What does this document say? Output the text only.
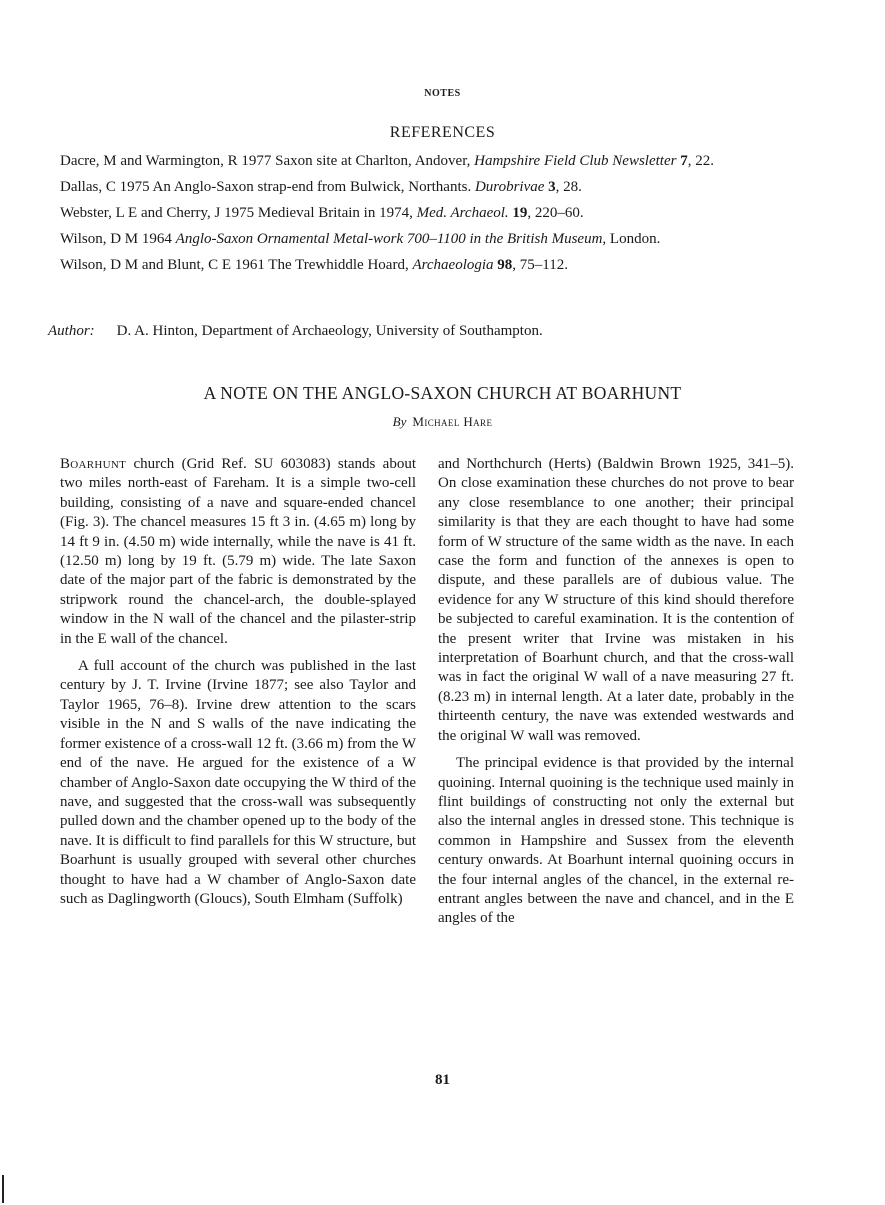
NOTES
REFERENCES
Dacre, M and Warmington, R 1977 Saxon site at Charlton, Andover, Hampshire Field Club Newsletter 7, 22.
Dallas, C 1975 An Anglo-Saxon strap-end from Bulwick, Northants. Durobrivae 3, 28.
Webster, L E and Cherry, J 1975 Medieval Britain in 1974, Med. Archaeol. 19, 220–60.
Wilson, D M 1964 Anglo-Saxon Ornamental Metal-work 700–1100 in the British Museum, London.
Wilson, D M and Blunt, C E 1961 The Trewhiddle Hoard, Archaeologia 98, 75–112.
Author: D. A. Hinton, Department of Archaeology, University of Southampton.
A NOTE ON THE ANGLO-SAXON CHURCH AT BOARHUNT
By Michael Hare

Boarhunt church (Grid Ref. SU 603083) stands about two miles north-east of Fareham. It is a simple two-cell building, consisting of a nave and square-ended chancel (Fig. 3). The chancel measures 15 ft 3 in. (4.65 m) long by 14 ft 9 in. (4.50 m) wide internally, while the nave is 41 ft. (12.50 m) long by 19 ft. (5.79 m) wide. The late Saxon date of the major part of the fabric is demonstrated by the stripwork round the chancel-arch, the double-splayed window in the N wall of the chancel and the pilaster-strip in the E wall of the chancel.

A full account of the church was published in the last century by J. T. Irvine (Irvine 1877; see also Taylor and Taylor 1965, 76–8). Irvine drew attention to the scars visible in the N and S walls of the nave indicating the former existence of a cross-wall 12 ft. (3.66 m) from the W end of the nave. He argued for the existence of a W chamber of Anglo-Saxon date occupying the W third of the nave, and suggested that the cross-wall was subsequently pulled down and the chamber opened up to the body of the nave. It is difficult to find parallels for this W structure, but Boarhunt is usually grouped with several other churches thought to have had a W chamber of Anglo-Saxon date such as Daglingworth (Gloucs), South Elmham (Suffolk)

and Northchurch (Herts) (Baldwin Brown 1925, 341–5). On close examination these churches do not prove to bear any close resemblance to one another; their principal similarity is that they are each thought to have had some form of W structure of the same width as the nave. In each case the form and function of the annexes is open to dispute, and these parallels are of dubious value. The evidence for any W structure of this kind should therefore be subjected to careful examination. It is the contention of the present writer that Irvine was mistaken in his interpretation of Boarhunt church, and that the cross-wall was in fact the original W wall of a nave measuring 27 ft. (8.23 m) in internal length. At a later date, probably in the thirteenth century, the nave was extended westwards and the original W wall was removed.

The principal evidence is that provided by the internal quoining. Internal quoining is the technique used mainly in flint buildings of constructing not only the external but also the internal angles in dressed stone. This technique is common in Hampshire and Sussex from the eleventh century onwards. At Boarhunt internal quoining occurs in the four internal angles of the chancel, in the external re-entrant angles between the nave and chancel, and in the E angles of the

81
